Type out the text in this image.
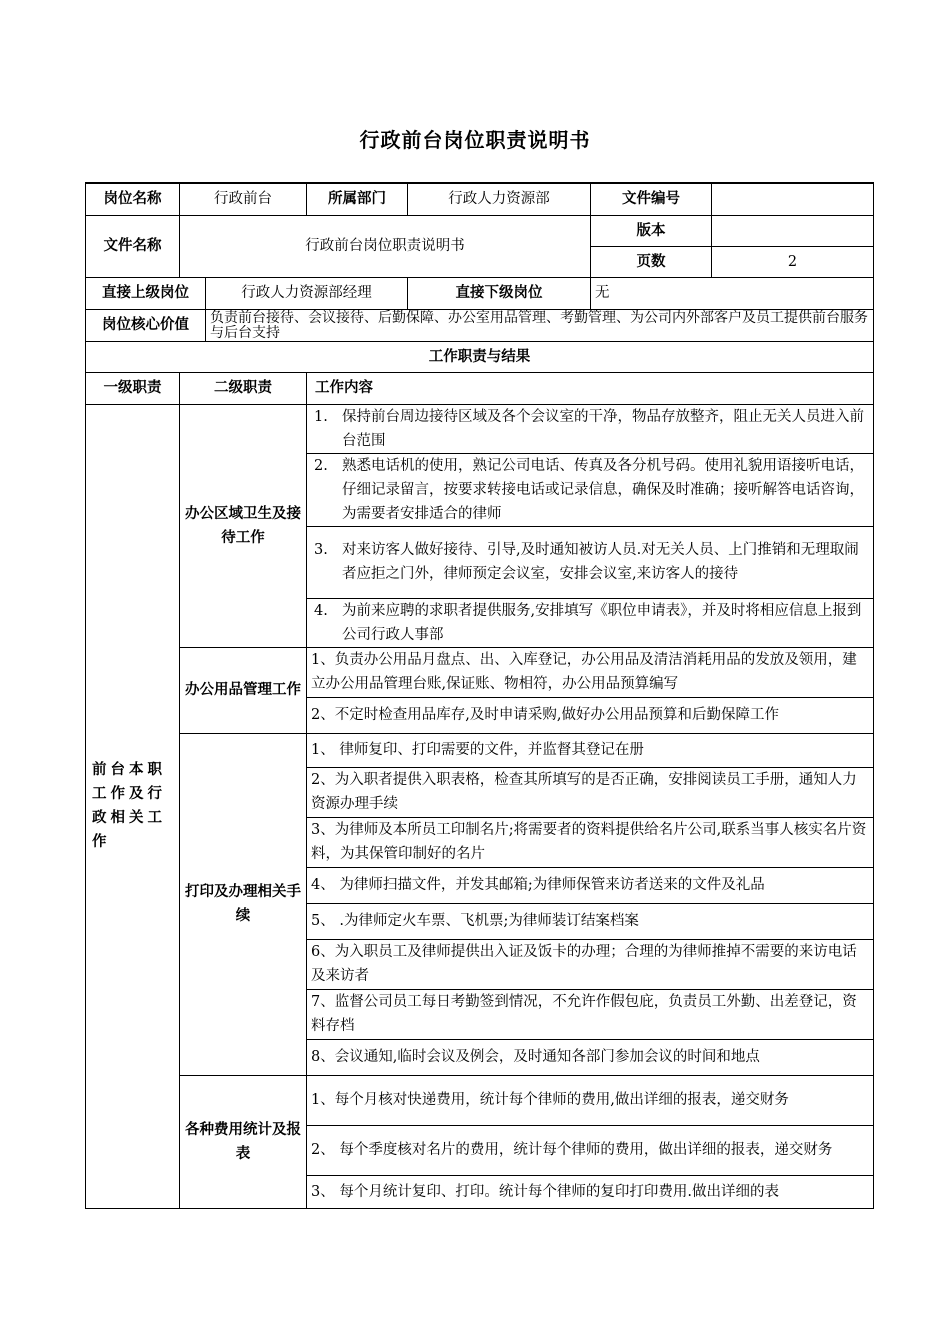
行政前台岗位职责说明书
岗位名称	行政前台		所属部门	行政人力资源部	文件编号	
文件名称	行政前台岗位职责说明书				版本	
					页数	2
直接上级岗位		行政人力资源部经理		直接下级岗位	无	
岗位核心价值		负责前台接待、会议接待、后勤保障、办公室用品管理、考勤管理、为公司内外部客户及员工提供前台服务与后台支持				
工作职责与结果						
一级职责	二级职责		工作内容			
前台本职工作及行政相关工作	办公区域卫生及接待工作		1. 保持前台周边接待区域及各个会议室的干净，物品存放整齐，阻止无关人员进入前台范围			

			2. 熟悉电话机的使用，熟记公司电话、传真及各分机号码。使用礼貌用语接听电话，仔细记录留言，按要求转接电话或记录信息，确保及时准确；接听解答电话咨询，为需要者安排适合的律师			

			3. 对来访客人做好接待、引导,及时通知被访人员.对无关人员、上门推销和无理取闹者应拒之门外，律师预定会议室，安排会议室,来访客人的接待			

			4. 为前来应聘的求职者提供服务,安排填写《职位申请表》，并及时将相应信息上报到公司行政人事部			

	办公用品管理工作		1、负责办公用品月盘点、出、入库登记，办公用品及清洁消耗用品的发放及领用，建立办公用品管理台账,保证账、物相符，办公用品预算编写			
			2、不定时检查用品库存,及时申请采购,做好办公用品预算和后勤保障工作			
	打印及办理相关手续		1、 律师复印、打印需要的文件，并监督其登记在册			
			2、为入职者提供入职表格，检查其所填写的是否正确，安排阅读员工手册，通知人力资源办理手续			
			3、为律师及本所员工印制名片;将需要者的资料提供给名片公司,联系当事人核实名片资料，为其保管印制好的名片			
			4、 为律师扫描文件，并发其邮箱;为律师保管来访者送来的文件及礼品			
			5、 .为律师定火车票、飞机票;为律师装订结案档案			
			6、为入职员工及律师提供出入证及饭卡的办理；合理的为律师推掉不需要的来访电话及来访者			
			7、监督公司员工每日考勤签到情况，不允许作假包庇，负责员工外勤、出差登记，资料存档			
			8、会议通知,临时会议及例会，及时通知各部门参加会议的时间和地点			
	各种费用统计及报表		1、每个月核对快递费用，统计每个律师的费用,做出详细的报表，递交财务			
			2、 每个季度核对名片的费用，统计每个律师的费用，做出详细的报表，递交财务			
			3、 每个月统计复印、打印。统计每个律师的复印打印费用.做出详细的表			
